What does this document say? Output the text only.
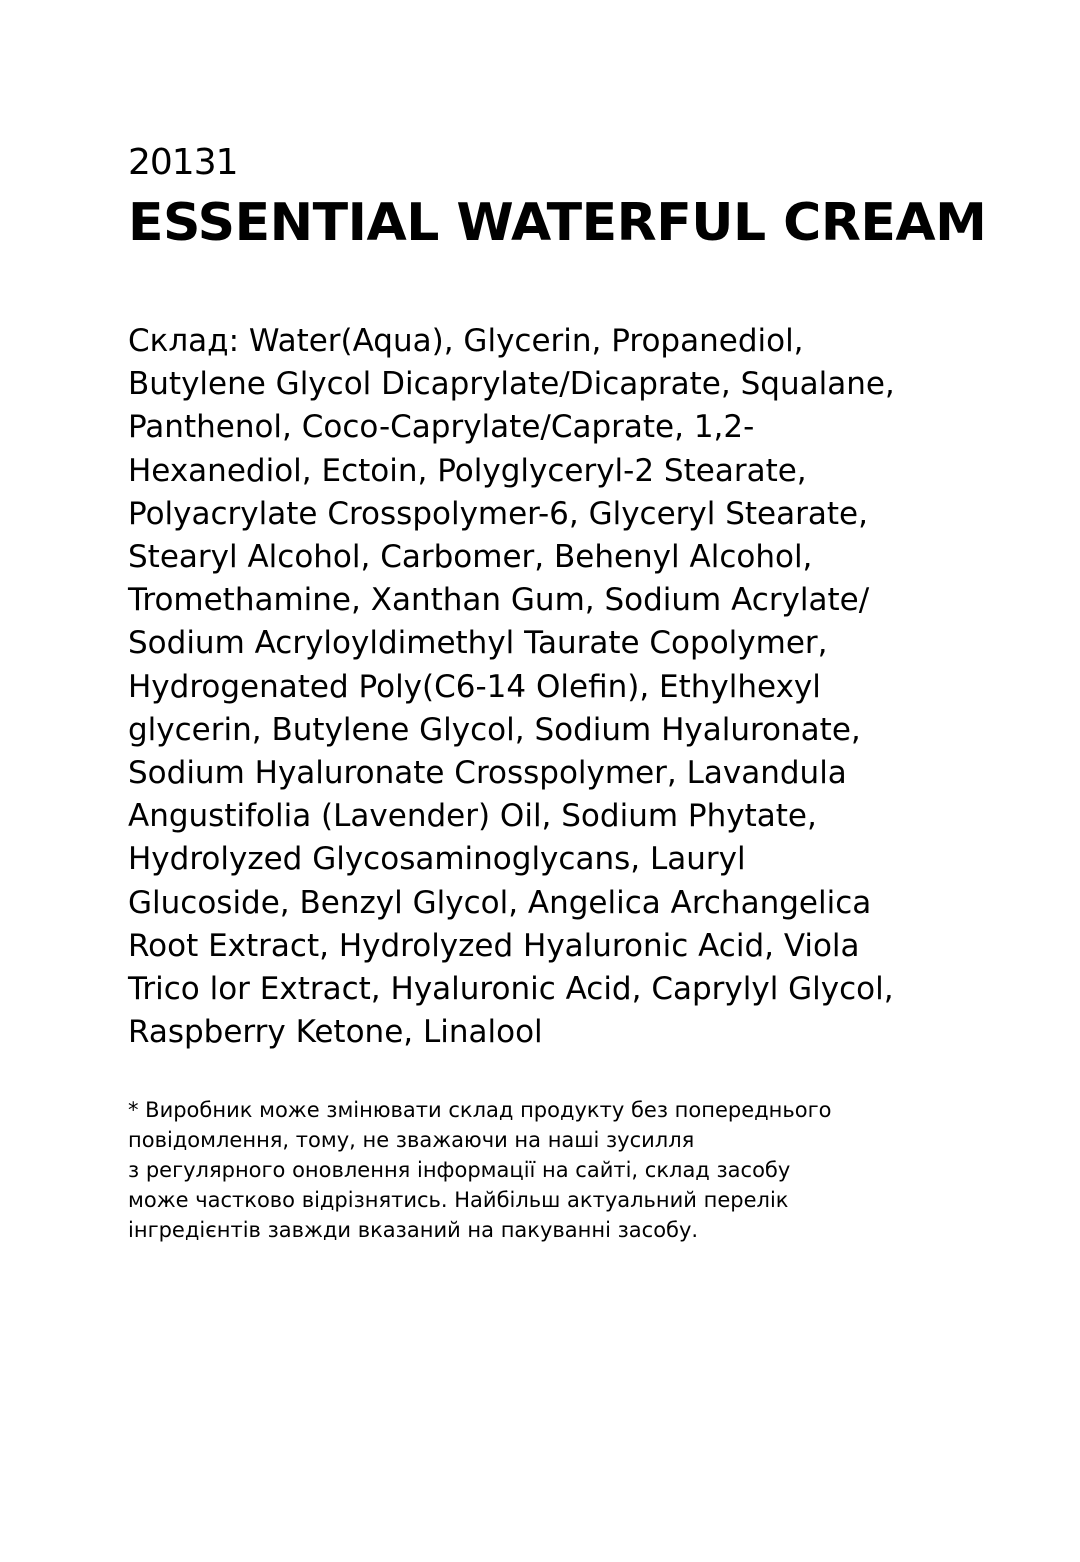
20131
ESSENTIAL WATERFUL CREAM
Склад: Water(Aqua), Glycerin, Propanediol,
Butylene Glycol Dicaprylate/Dicaprate, Squalane,
Panthenol, Coco-Caprylate/Caprate, 1,2-
Hexanediol, Ectoin, Polyglyceryl-2 Stearate,
Polyacrylate Crosspolymer-6, Glyceryl Stearate,
Stearyl Alcohol, Carbomer, Behenyl Alcohol,
Tromethamine, Xanthan Gum, Sodium Acrylate/
Sodium Acryloyldimethyl Taurate Copolymer,
Hydrogenated Poly(C6-14 Olefin), Ethylhexyl
glycerin, Butylene Glycol, Sodium Hyaluronate,
Sodium Hyaluronate Crosspolymer, Lavandula
Angustifolia (Lavender) Oil, Sodium Phytate,
Hydrolyzed Glycosaminoglycans, Lauryl
Glucoside, Benzyl Glycol, Angelica Archangelica
Root Extract, Hydrolyzed Hyaluronic Acid, Viola
Trico lor Extract, Hyaluronic Acid, Caprylyl Glycol,
Raspberry Ketone, Linalool
* Виробник може змінювати склад продукту без попереднього
повідомлення, тому, не зважаючи на наші зусилля
з регулярного оновлення інформації на сайті, склад засобу
може частково відрізнятись. Найбільш актуальний перелік
інгредієнтів завжди вказаний на пакуванні засобу.
